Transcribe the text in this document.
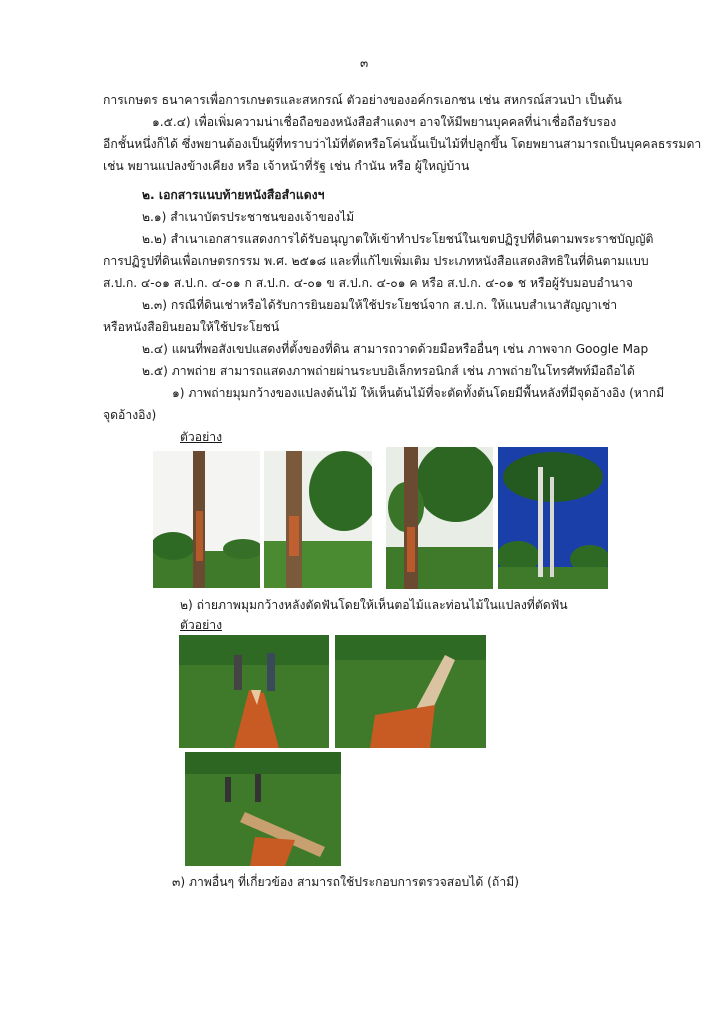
๓
การเกษตร ธนาคารเพื่อการเกษตรและสหกรณ์ ตัวอย่างของอค์กรเอกชน เช่น สหกรณ์สวนป่า เป็นต้น
๑.๕.๔) เพื่อเพิ่มความน่าเชื่อถือของหนังสือสำแดงฯ อาจให้มีพยานบุคคลที่น่าเชื่อถือรับรอง
อีกชั้นหนึ่งก็ได้ ซึ่งพยานต้องเป็นผู้ที่ทราบว่าไม้ที่ตัดหรือโค่นนั้นเป็นไม้ที่ปลูกขึ้น โดยพยานสามารถเป็นบุคคลธรรมดา
เช่น พยานแปลงข้างเคียง หรือ เจ้าหน้าที่รัฐ เช่น กำนัน หรือ ผู้ใหญ่บ้าน
๒. เอกสารแนบท้ายหนังสือสำแดงฯ
๒.๑) สำเนาบัตรประชาชนของเจ้าของไม้
๒.๒) สำเนาเอกสารแสดงการได้รับอนุญาตให้เข้าทำประโยชน์ในเขตปฏิรูปที่ดินตามพระราชบัญญัติ
การปฏิรูปที่ดินเพื่อเกษตรกรรม พ.ศ. ๒๕๑๘ และที่แก้ไขเพิ่มเติม ประเภทหนังสือแสดงสิทธิในที่ดินตามแบบ
ส.ป.ก. ๔-๐๑ ส.ป.ก. ๔-๐๑ ก ส.ป.ก. ๔-๐๑ ข ส.ป.ก. ๔-๐๑ ค หรือ ส.ป.ก. ๔-๐๑ ช หรือผู้รับมอบอำนาจ
๒.๓) กรณีที่ดินเช่าหรือได้รับการยินยอมให้ใช้ประโยชน์จาก ส.ป.ก. ให้แนบสำเนาสัญญาเช่า
หรือหนังสือยินยอมให้ใช้ประโยชน์
๒.๔) แผนที่พอสังเขปแสดงที่ตั้งของที่ดิน สามารถวาดด้วยมือหรืออื่นๆ เช่น ภาพจาก Google Map
๒.๕) ภาพถ่าย สามารถแสดงภาพถ่ายผ่านระบบอิเล็กทรอนิกส์ เช่น ภาพถ่ายในโทรศัพท์มือถือได้
๑) ภาพถ่ายมุมกว้างของแปลงต้นไม้ ให้เห็นต้นไม้ที่จะตัดทั้งต้นโดยมีพื้นหลังที่มีจุดอ้างอิง (หากมี
จุดอ้างอิง)
ตัวอย่าง
๒) ถ่ายภาพมุมกว้างหลังตัดฟันโดยให้เห็นตอไม้และท่อนไม้ในแปลงที่ตัดฟัน
ตัวอย่าง
๓) ภาพอื่นๆ ที่เกี่ยวข้อง สามารถใช้ประกอบการตรวจสอบได้ (ถ้ามี)
